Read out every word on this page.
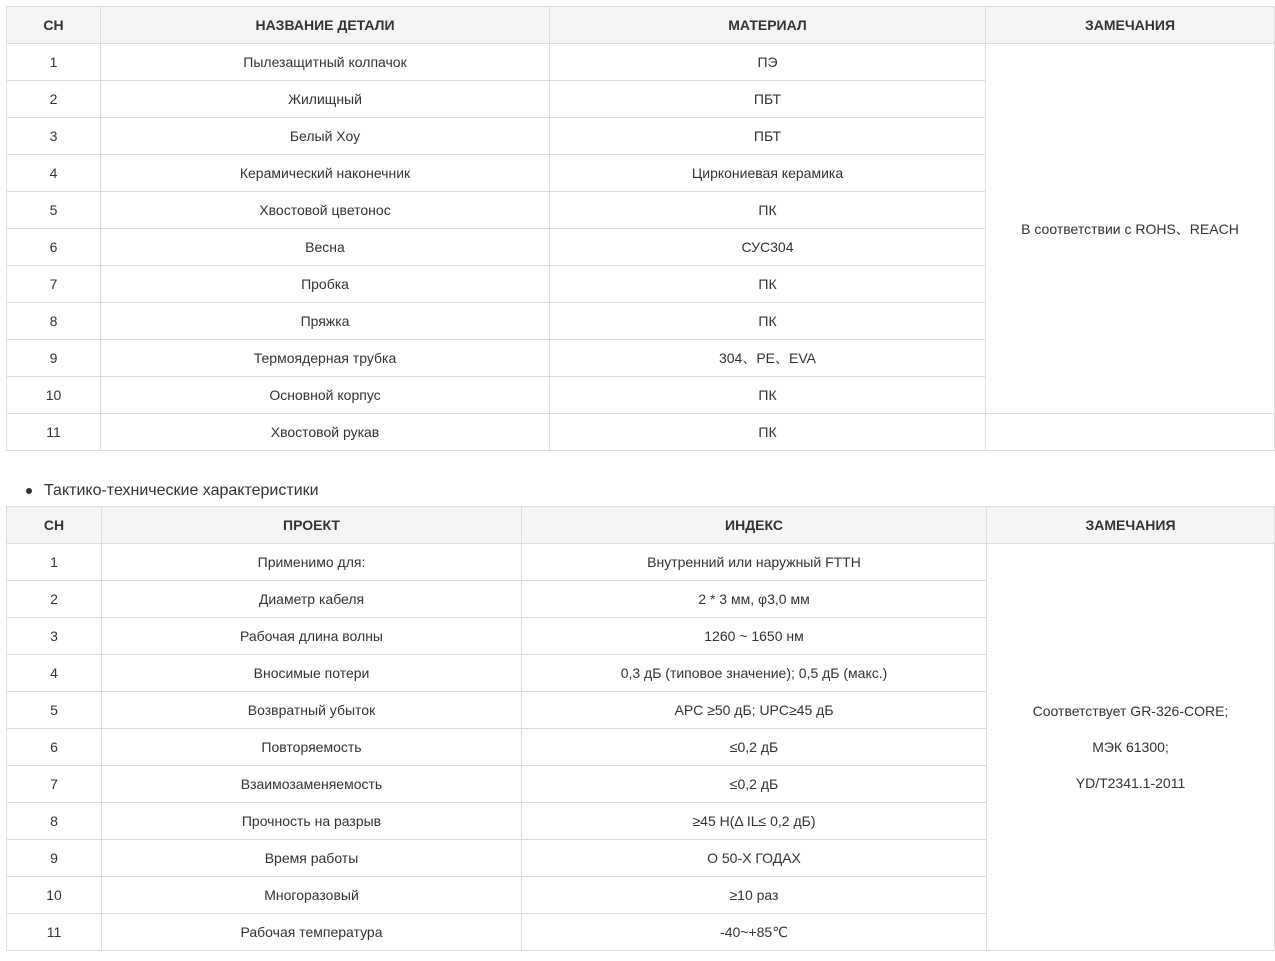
СН	НАЗВАНИЕ ДЕТАЛИ	МАТЕРИАЛ	ЗАМЕЧАНИЯ
1	Пылезащитный колпачок	ПЭ	В соответствии с ROHS、REACH
2	Жилищный	ПБТ	
3	Белый Хоу	ПБТ	
4	Керамический наконечник	Циркониевая керамика	
5	Хвостовой цветонос	ПК	
6	Весна	СУС304	
7	Пробка	ПК	
8	Пряжка	ПК	
9	Термоядерная трубка	304、PE、EVA	
10	Основной корпус	ПК	
11	Хвостовой рукав	ПК	
Тактико-технические характеристики
СН	ПРОЕКТ	ИНДЕКС	ЗАМЕЧАНИЯ
1	Применимо для:	Внутренний или наружный FTTH	Соответствует GR-326-CORE;
МЭК 61300;
YD/T2341.1-2011

2	Диаметр кабеля	2 * 3 мм, φ3,0 мм	
3	Рабочая длина волны	1260 ~ 1650 нм	
4	Вносимые потери	0,3 дБ (типовое значение); 0,5 дБ (макс.)	
5	Возвратный убыток	APC ≥50 дБ; UPC≥45 дБ	
6	Повторяемость	≤0,2 дБ	
7	Взаимозаменяемость	≤0,2 дБ	
8	Прочность на разрыв	≥45 Н(Δ IL≤ 0,2 дБ)	
9	Время работы	О 50-Х ГОДАХ	
10	Многоразовый	≥10 раз	
11	Рабочая температура	-40~+85℃	
